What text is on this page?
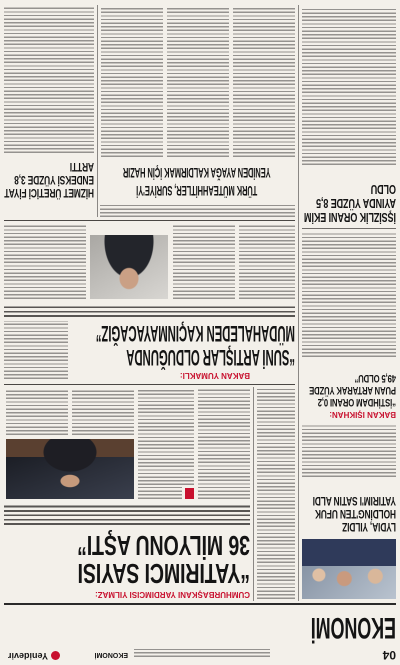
04
EKONOMİ
Yenidevir
EKONOMİ
LYDIA, YILDIZ HOLDİNG'TEN UFUK YATIRIM'I SATIN ALDI
BAKAN IŞIKHAN:
“İSTİHDAM ORANI 0,2 PUAN ARTARAK YÜZDE 49,5 OLDU”
İŞSİZLİK ORANI EKİM AYINDA YÜZDE 8,5 OLDU
CUMHURBAŞKANI YARDIMCISI YILMAZ:
“YATIRIMCI SAYISI
36 MİLYONU AŞTI”
BAKAN YUMAKLI:
“SUNİ ARTIŞLAR OLDUĞUNDA
MÜDAHALEDEN KAÇINMAYACAĞIZ”
TÜRK MÜTEAHHİTLER, SURİYE'Yİ
YENİDEN AYAĞA KALDIRMAK İÇİN HAZIR
HİZMET ÜRETİCİ FİYAT ENDEKSİ YÜZDE 3,8 ARTTI
